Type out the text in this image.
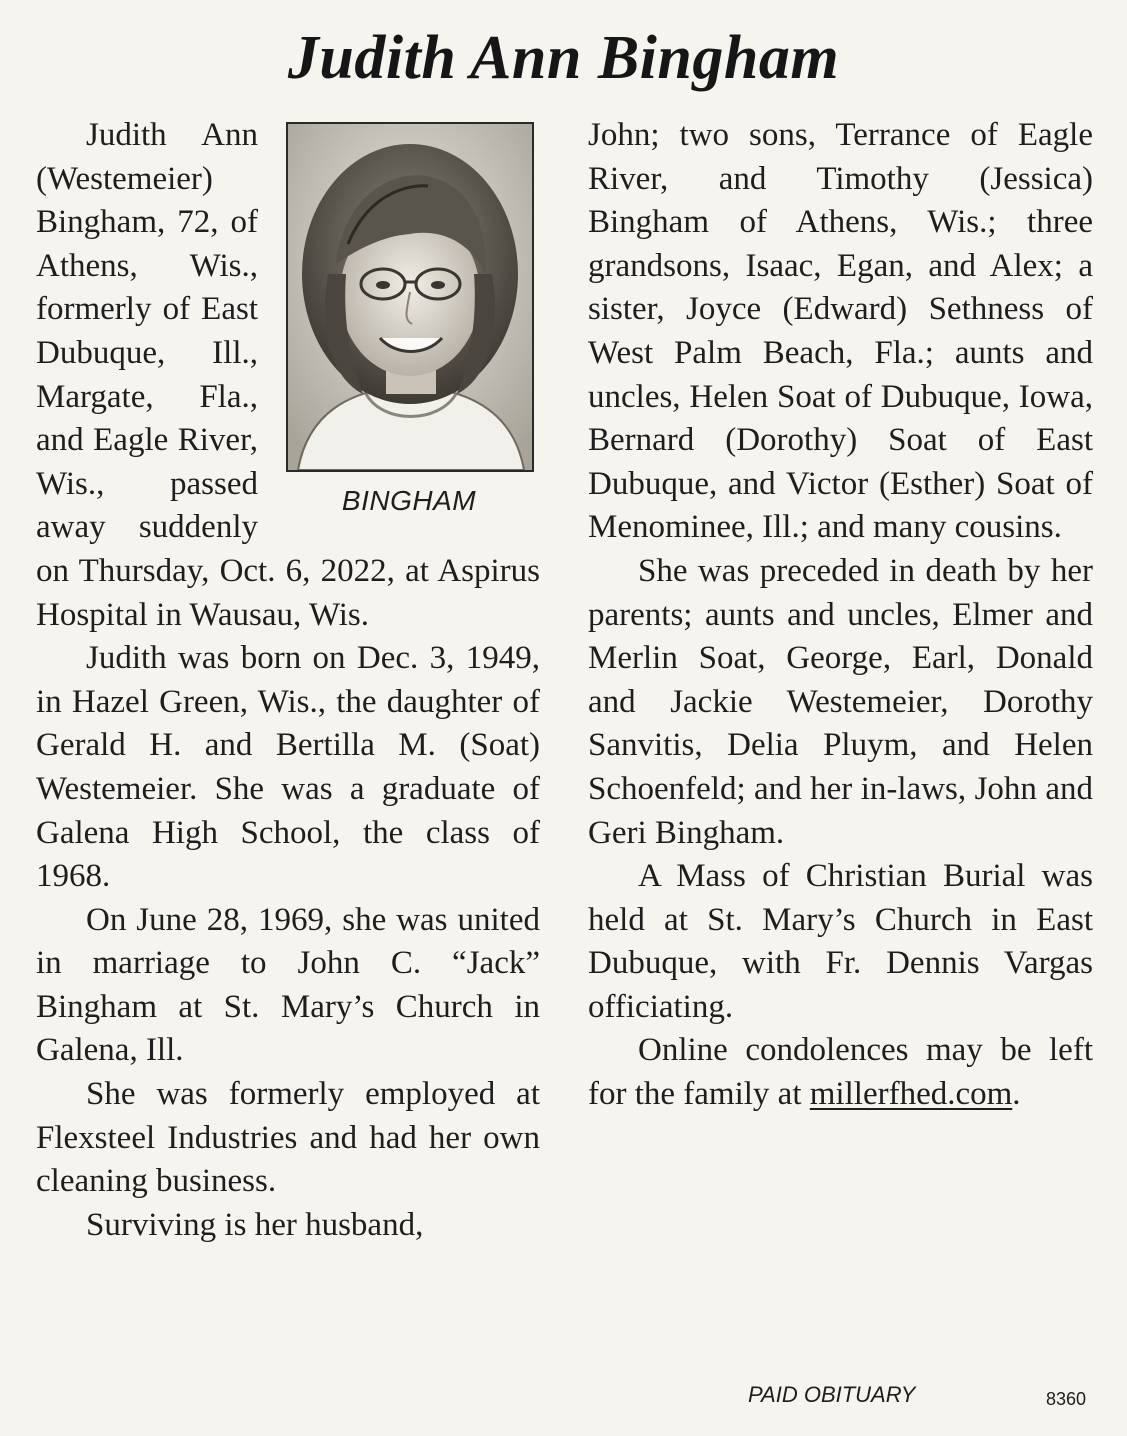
Judith Ann Bingham
BINGHAM

Judith Ann (Westemeier) Bingham, 72, of Athens, Wis., formerly of East Dubuque, Ill., Margate, Fla., and Eagle River, Wis., passed away suddenly on Thursday, Oct. 6, 2022, at Aspirus Hospital in Wausau, Wis.

Judith was born on Dec. 3, 1949, in Hazel Green, Wis., the daughter of Gerald H. and Bertilla M. (Soat) Westemeier. She was a graduate of Galena High School, the class of 1968.

On June 28, 1969, she was united in marriage to John C. “Jack” Bingham at St. Mary’s Church in Galena, Ill.

She was formerly employed at Flexsteel Industries and had her own cleaning business.

Surviving is her husband,

John; two sons, Terrance of Eagle River, and Timothy (Jessica) Bingham of Athens, Wis.; three grandsons, Isaac, Egan, and Alex; a sister, Joyce (Edward) Sethness of West Palm Beach, Fla.; aunts and uncles, Helen Soat of Dubuque, Iowa, Bernard (Dorothy) Soat of East Dubuque, and Victor (Esther) Soat of Menominee, Ill.; and many cousins.

She was preceded in death by her parents; aunts and uncles, Elmer and Merlin Soat, George, Earl, Donald and Jackie Westemeier, Dorothy Sanvitis, Delia Pluym, and Helen Schoenfeld; and her in-laws, John and Geri Bingham.

A Mass of Christian Burial was held at St. Mary’s Church in East Dubuque, with Fr. Dennis Vargas officiating.

Online condolences may be left for the family at millerfhed.com.

PAID OBITUARY	8360
